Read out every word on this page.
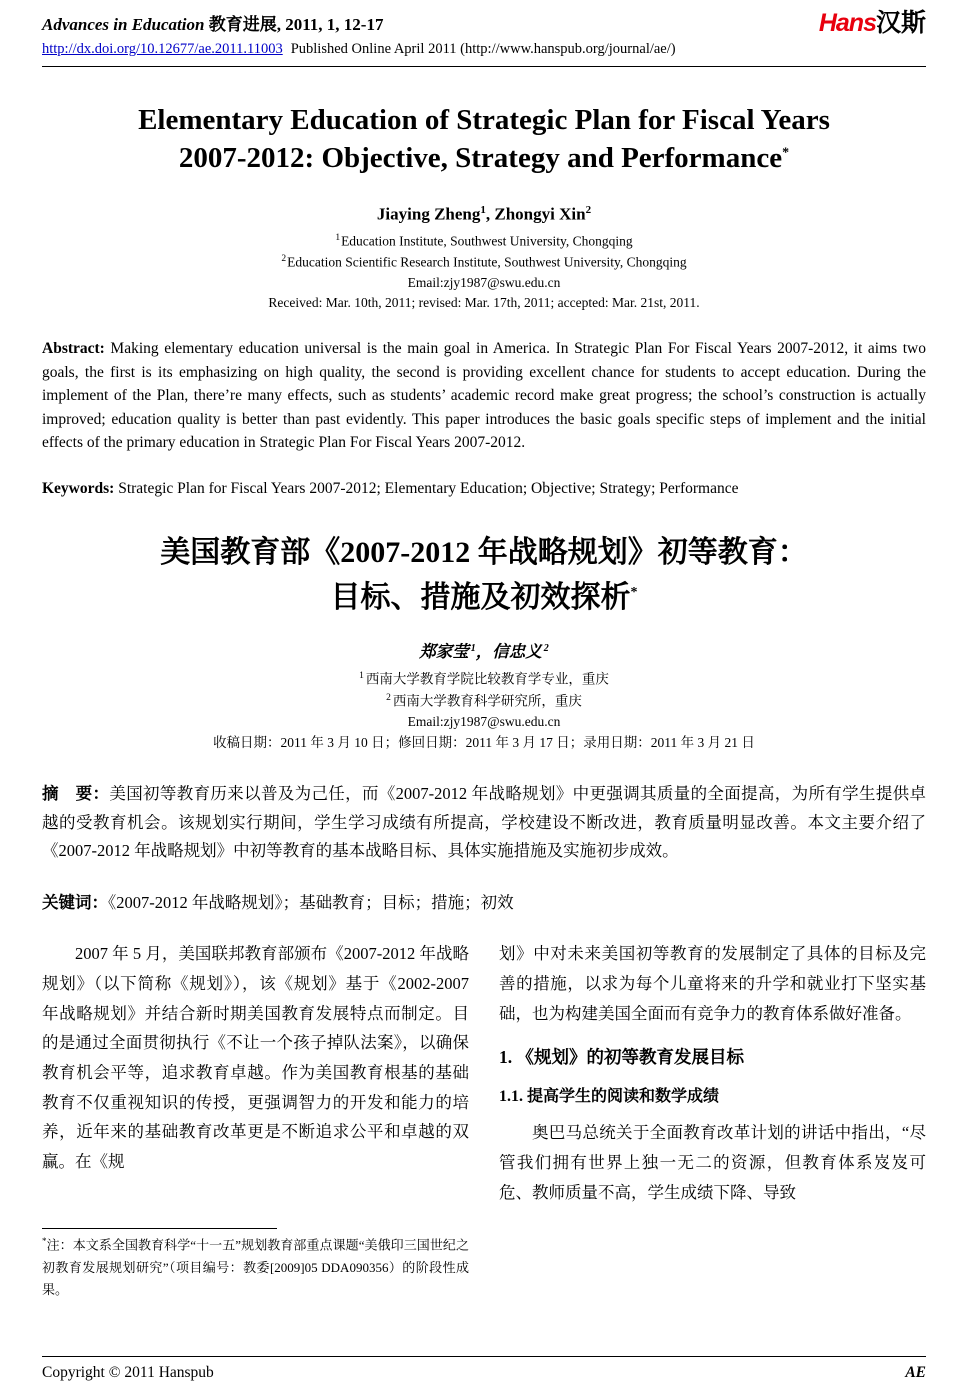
Advances in Education 教育进展, 2011, 1, 12-17
http://dx.doi.org/10.12677/ae.2011.11003 Published Online April 2011 (http://www.hanspub.org/journal/ae/)
Hans汉斯
Elementary Education of Strategic Plan for Fiscal Years
2007-2012: Objective, Strategy and Performance*
Jiaying Zheng$^1$, Zhongyi Xin$^2$
$^1$Education Institute, Southwest University, Chongqing
$^2$Education Scientific Research Institute, Southwest University, Chongqing
Email:zjy1987@swu.edu.cn
Received: Mar. 10th, 2011; revised: Mar. 17th, 2011; accepted: Mar. 21st, 2011.

Abstract: Making elementary education universal is the main goal in America. In Strategic Plan For Fiscal Years 2007-2012, it aims two goals, the first is its emphasizing on high quality, the second is providing excellent chance for students to accept education. During the implement of the Plan, there’re many effects, such as students’ academic record make great progress; the school’s construction is actually improved; education quality is better than past evidently. This paper introduces the basic goals specific steps of implement and the initial effects of the primary education in Strategic Plan For Fiscal Years 2007-2012.

Keywords: Strategic Plan for Fiscal Years 2007-2012; Elementary Education; Objective; Strategy; Performance

美国教育部《2007-2012 年战略规划》初等教育：
目标、措施及初效探析*
郑家莹 $^1$，信忠义 $^2$
$^1$ 西南大学教育学院比较教育学专业，重庆
$^2$ 西南大学教育科学研究所，重庆
Email:zjy1987@swu.edu.cn
收稿日期：2011 年 3 月 10 日；修回日期：2011 年 3 月 17 日；录用日期：2011 年 3 月 21 日

摘　要：美国初等教育历来以普及为己任，而《2007-2012 年战略规划》中更强调其质量的全面提高，为所有学生提供卓越的受教育机会。该规划实行期间，学生学习成绩有所提高，学校建设不断改进，教育质量明显改善。本文主要介绍了《2007-2012 年战略规划》中初等教育的基本战略目标、具体实施措施及实施初步成效。

关键词：《2007-2012 年战略规划》；基础教育；目标；措施；初效

2007 年 5 月，美国联邦教育部颁布《2007-2012 年战略规划》（以下简称《规划》），该《规划》基于《2002-2007 年战略规划》并结合新时期美国教育发展特点而制定。目的是通过全面贯彻执行《不让一个孩子掉队法案》，以确保教育机会平等，追求教育卓越。作为美国教育根基的基础教育不仅重视知识的传授，更强调智力的开发和能力的培养，近年来的基础教育改革更是不断追求公平和卓越的双赢。在《规

*注：本文系全国教育科学“十一五”规划教育部重点课题“美俄印三国世纪之初教育发展规划研究”（项目编号：教委[2009]05 DDA090356）的阶段性成果。

划》中对未来美国初等教育的发展制定了具体的目标及完善的措施，以求为每个儿童将来的升学和就业打下坚实基础，也为构建美国全面而有竞争力的教育体系做好准备。

1. 《规划》的初等教育发展目标
1.1. 提高学生的阅读和数学成绩

奥巴马总统关于全面教育改革计划的讲话中指出，“尽管我们拥有世界上独一无二的资源，但教育体系岌岌可危、教师质量不高，学生成绩下降、导致

Copyright © 2011 Hanspub	AE
